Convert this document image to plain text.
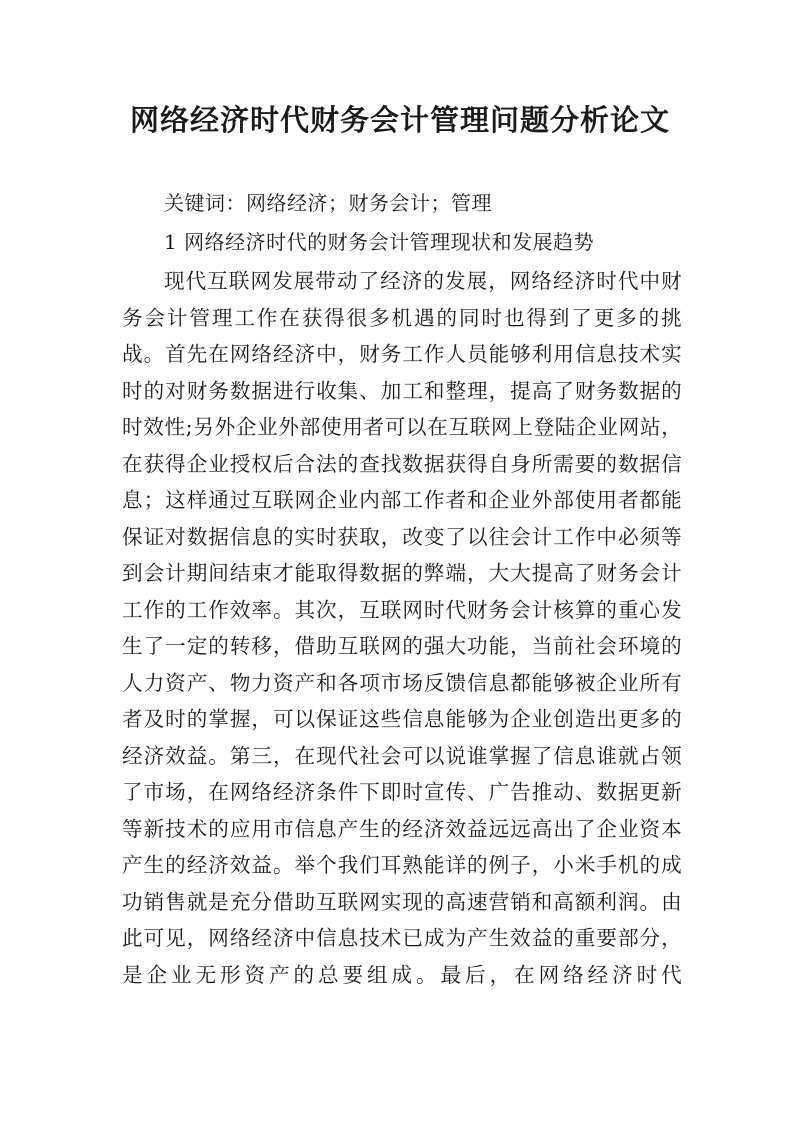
网络经济时代财务会计管理问题分析论文

关键词：网络经济；财务会计；管理

1 网络经济时代的财务会计管理现状和发展趋势

现代互联网发展带动了经济的发展，网络经济时代中财务会计管理工作在获得很多机遇的同时也得到了更多的挑战。首先在网络经济中，财务工作人员能够利用信息技术实时的对财务数据进行收集、加工和整理，提高了财务数据的时效性;另外企业外部使用者可以在互联网上登陆企业网站，在获得企业授权后合法的查找数据获得自身所需要的数据信息；这样通过互联网企业内部工作者和企业外部使用者都能保证对数据信息的实时获取，改变了以往会计工作中必须等到会计期间结束才能取得数据的弊端，大大提高了财务会计工作的工作效率。其次，互联网时代财务会计核算的重心发生了一定的转移，借助互联网的强大功能，当前社会环境的人力资产、物力资产和各项市场反馈信息都能够被企业所有者及时的掌握，可以保证这些信息能够为企业创造出更多的经济效益。第三，在现代社会可以说谁掌握了信息谁就占领了市场，在网络经济条件下即时宣传、广告推动、数据更新等新技术的应用市信息产生的经济效益远远高出了企业资本产生的经济效益。举个我们耳熟能详的例子，小米手机的成功销售就是充分借助互联网实现的高速营销和高额利润。由此可见，网络经济中信息技术已成为产生效益的重要部分，是企业无形资产的总要组成。最后，在网络经济时代
